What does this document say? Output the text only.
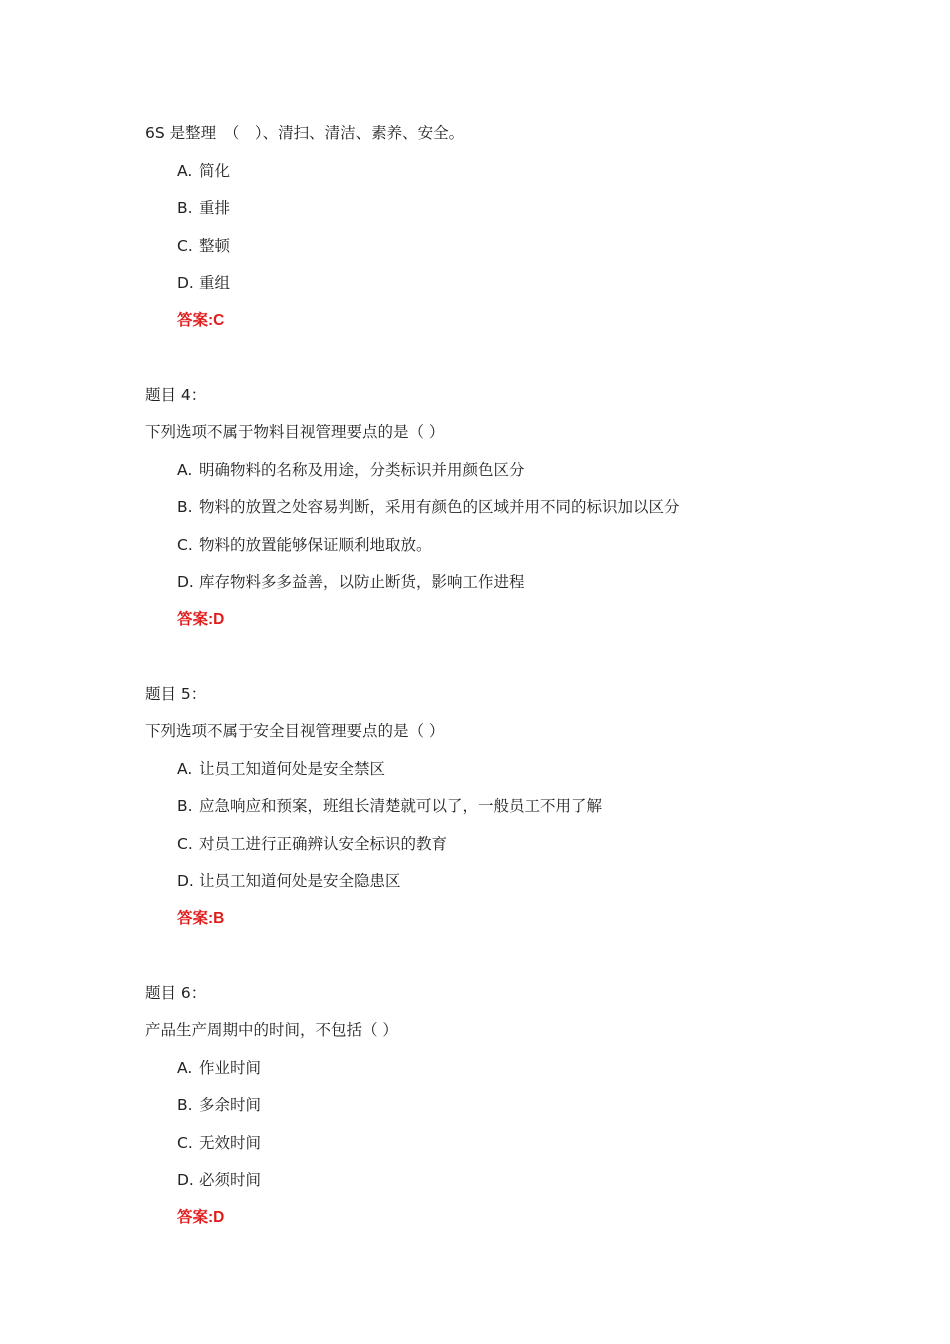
6S 是整理　（　）、清扫、清洁、素养、安全。
A. 简化
B. 重排
C. 整顿
D. 重组
答案:C
题目 4：
下列选项不属于物料目视管理要点的是（ ）
A. 明确物料的名称及用途，分类标识并用颜色区分
B. 物料的放置之处容易判断，采用有颜色的区域并用不同的标识加以区分
C. 物料的放置能够保证顺利地取放。
D. 库存物料多多益善，以防止断货，影响工作进程
答案:D
题目 5：
下列选项不属于安全目视管理要点的是（ ）
A. 让员工知道何处是安全禁区
B. 应急响应和预案，班组长清楚就可以了，一般员工不用了解
C. 对员工进行正确辨认安全标识的教育
D. 让员工知道何处是安全隐患区
答案:B
题目 6：
产品生产周期中的时间，不包括（ ）
A. 作业时间
B. 多余时间
C. 无效时间
D. 必须时间
答案:D
